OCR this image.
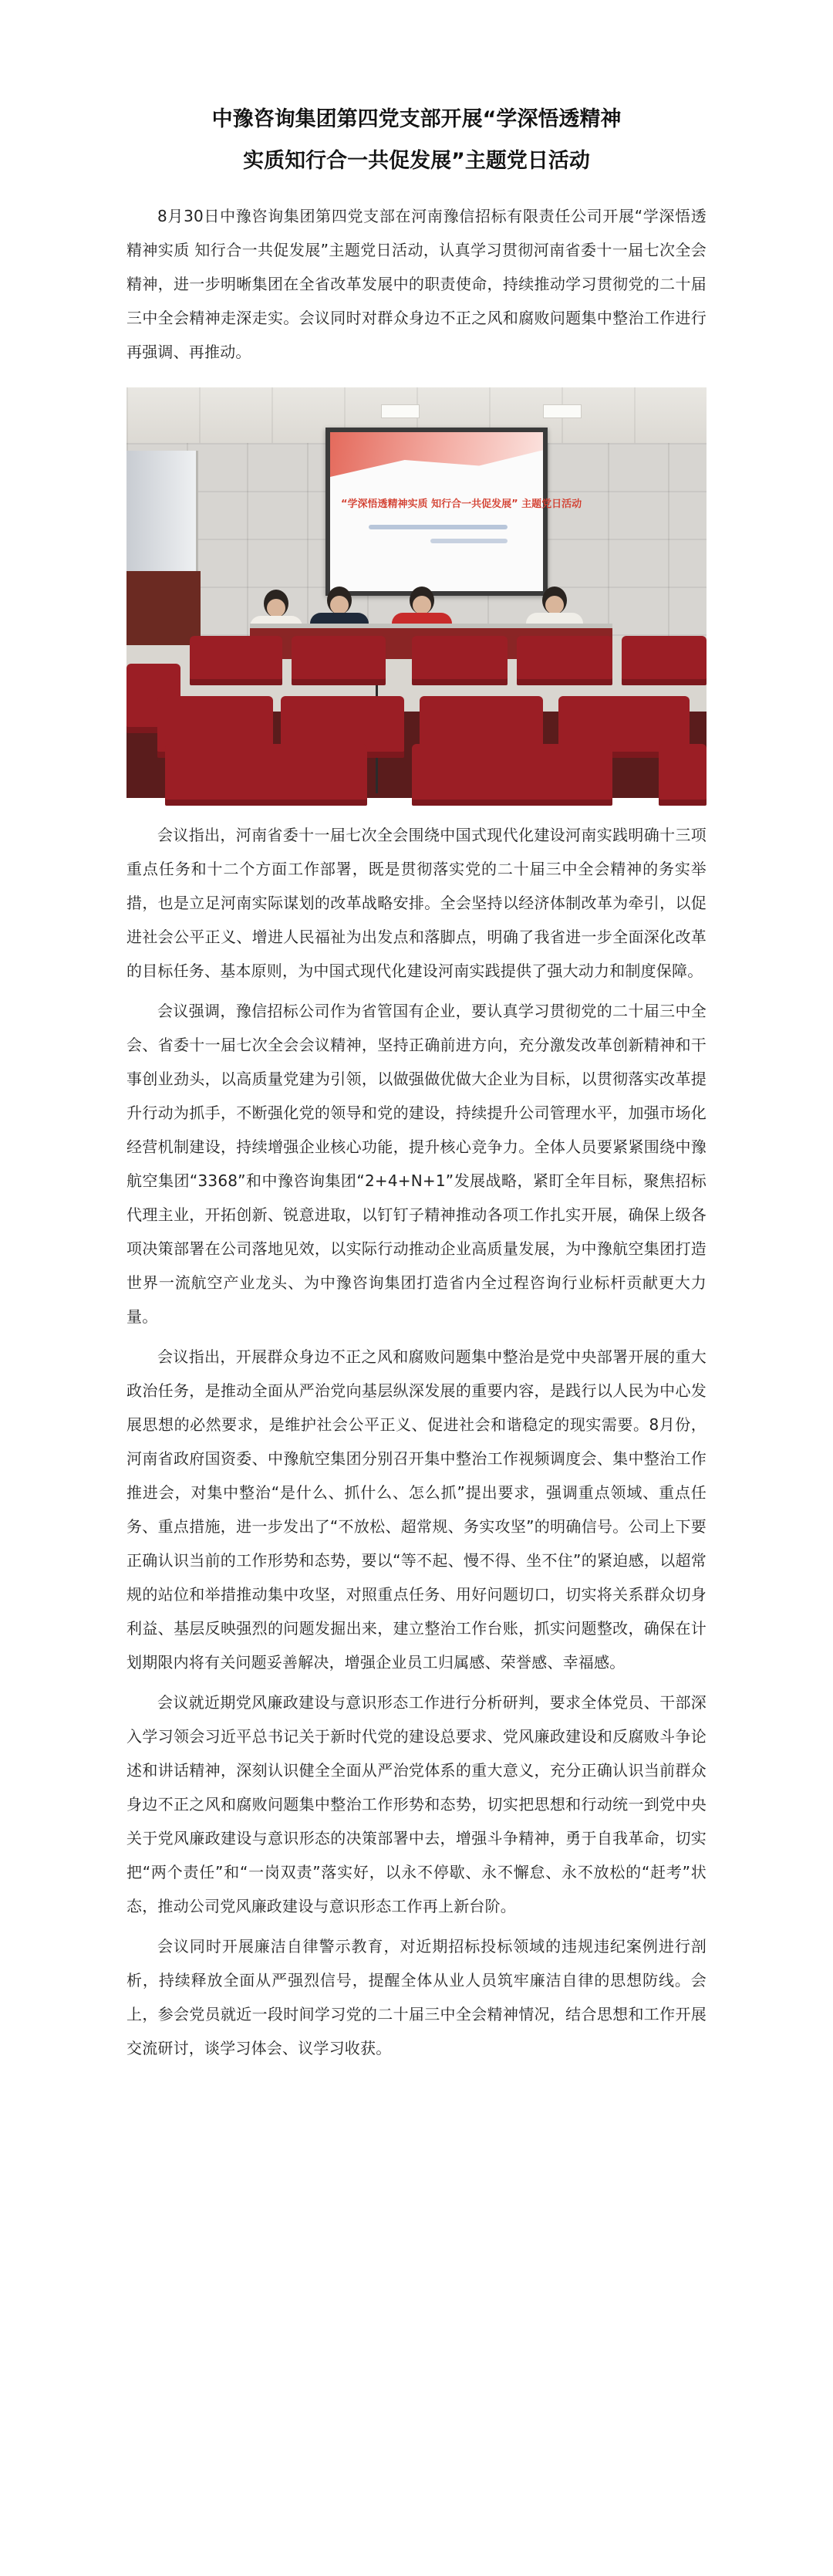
中豫咨询集团第四党支部开展“学深悟透精神
实质知行合一共促发展”主题党日活动

8月30日中豫咨询集团第四党支部在河南豫信招标有限责任公司开展“学深悟透精神实质 知行合一共促发展”主题党日活动，认真学习贯彻河南省委十一届七次全会精神，进一步明晰集团在全省改革发展中的职责使命，持续推动学习贯彻党的二十届三中全会精神走深走实。会议同时对群众身边不正之风和腐败问题集中整治工作进行再强调、再推动。

“学深悟透精神实质 知行合一共促发展” 主题党日活动

会议指出，河南省委十一届七次全会围绕中国式现代化建设河南实践明确十三项重点任务和十二个方面工作部署，既是贯彻落实党的二十届三中全会精神的务实举措，也是立足河南实际谋划的改革战略安排。全会坚持以经济体制改革为牵引，以促进社会公平正义、增进人民福祉为出发点和落脚点，明确了我省进一步全面深化改革的目标任务、基本原则，为中国式现代化建设河南实践提供了强大动力和制度保障。

会议强调，豫信招标公司作为省管国有企业，要认真学习贯彻党的二十届三中全会、省委十一届七次全会会议精神，坚持正确前进方向，充分激发改革创新精神和干事创业劲头，以高质量党建为引领，以做强做优做大企业为目标，以贯彻落实改革提升行动为抓手，不断强化党的领导和党的建设，持续提升公司管理水平，加强市场化经营机制建设，持续增强企业核心功能，提升核心竞争力。全体人员要紧紧围绕中豫航空集团“3368”和中豫咨询集团“2+4+N+1”发展战略，紧盯全年目标，聚焦招标代理主业，开拓创新、锐意进取，以钉钉子精神推动各项工作扎实开展，确保上级各项决策部署在公司落地见效，以实际行动推动企业高质量发展，为中豫航空集团打造世界一流航空产业龙头、为中豫咨询集团打造省内全过程咨询行业标杆贡献更大力量。

会议指出，开展群众身边不正之风和腐败问题集中整治是党中央部署开展的重大政治任务，是推动全面从严治党向基层纵深发展的重要内容，是践行以人民为中心发展思想的必然要求，是维护社会公平正义、促进社会和谐稳定的现实需要。8月份，河南省政府国资委、中豫航空集团分别召开集中整治工作视频调度会、集中整治工作推进会，对集中整治“是什么、抓什么、怎么抓”提出要求，强调重点领域、重点任务、重点措施，进一步发出了“不放松、超常规、务实攻坚”的明确信号。公司上下要正确认识当前的工作形势和态势，要以“等不起、慢不得、坐不住”的紧迫感，以超常规的站位和举措推动集中攻坚，对照重点任务、用好问题切口，切实将关系群众切身利益、基层反映强烈的问题发掘出来，建立整治工作台账，抓实问题整改，确保在计划期限内将有关问题妥善解决，增强企业员工归属感、荣誉感、幸福感。

会议就近期党风廉政建设与意识形态工作进行分析研判，要求全体党员、干部深入学习领会习近平总书记关于新时代党的建设总要求、党风廉政建设和反腐败斗争论述和讲话精神，深刻认识健全全面从严治党体系的重大意义，充分正确认识当前群众身边不正之风和腐败问题集中整治工作形势和态势，切实把思想和行动统一到党中央关于党风廉政建设与意识形态的决策部署中去，增强斗争精神，勇于自我革命，切实把“两个责任”和“一岗双责”落实好，以永不停歇、永不懈怠、永不放松的“赶考”状态，推动公司党风廉政建设与意识形态工作再上新台阶。

会议同时开展廉洁自律警示教育，对近期招标投标领域的违规违纪案例进行剖析，持续释放全面从严强烈信号，提醒全体从业人员筑牢廉洁自律的思想防线。会上，参会党员就近一段时间学习党的二十届三中全会精神情况，结合思想和工作开展交流研讨，谈学习体会、议学习收获。
